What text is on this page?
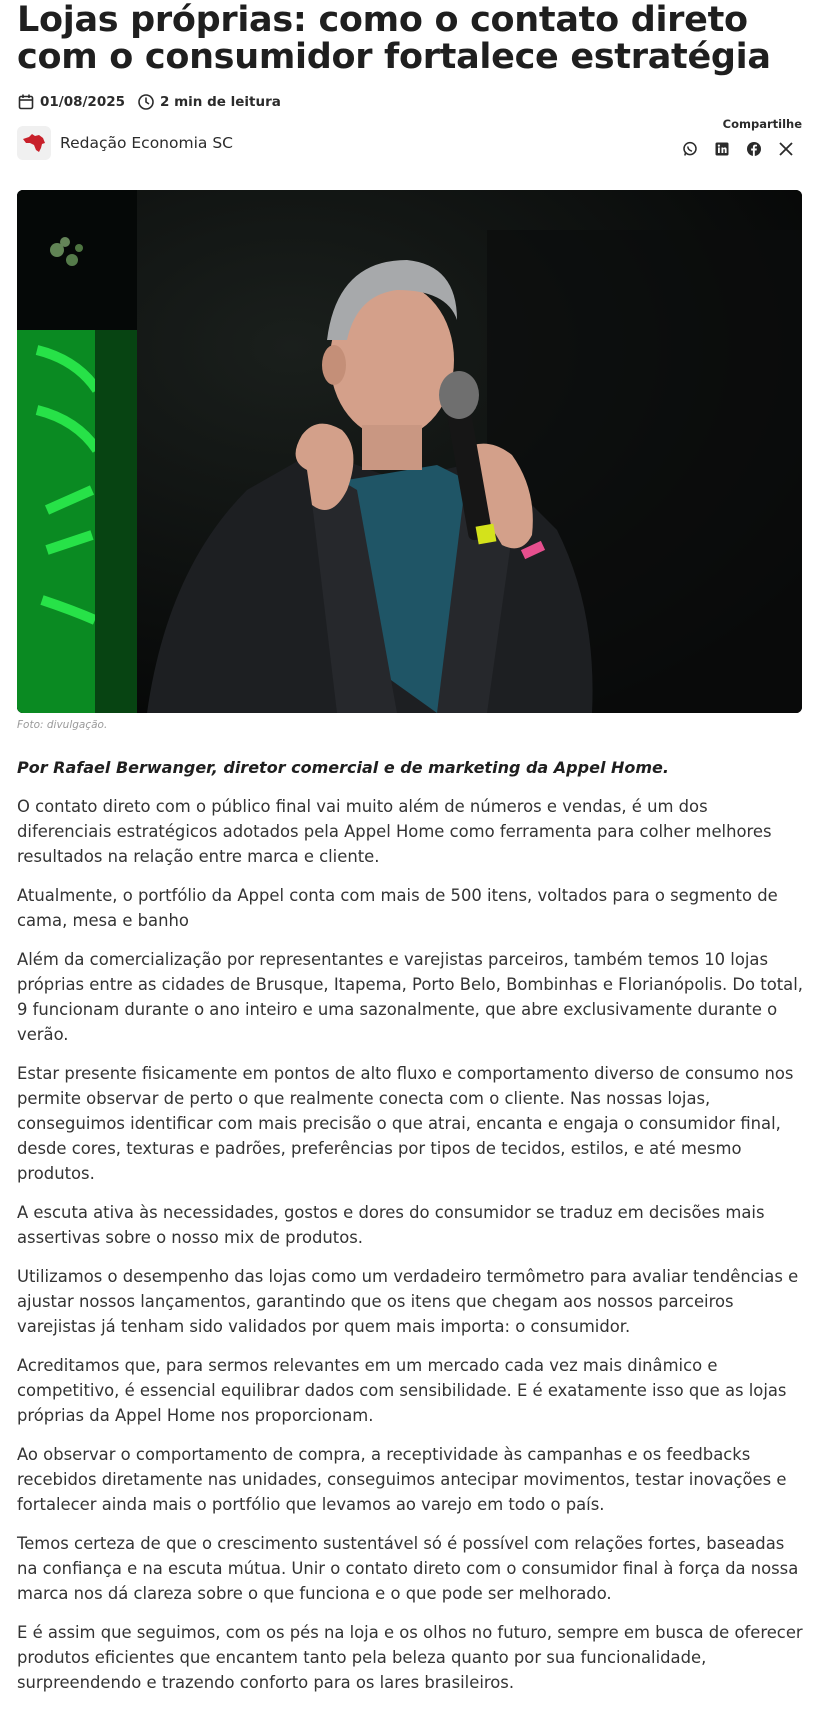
Lojas próprias: como o contato direto com o consumidor fortalece estratégia
01/08/2025	2 min de leitura
Redação Economia SC
Compartilhe
Foto: divulgação.

Por Rafael Berwanger, diretor comercial e de marketing da Appel Home.

O contato direto com o público final vai muito além de números e vendas, é um dos diferenciais estratégicos adotados pela Appel Home como ferramenta para colher melhores resultados na relação entre marca e cliente.

Atualmente, o portfólio da Appel conta com mais de 500 itens, voltados para o segmento de cama, mesa e banho

Além da comercialização por representantes e varejistas parceiros, também temos 10 lojas próprias entre as cidades de Brusque, Itapema, Porto Belo, Bombinhas e Florianópolis. Do total, 9 funcionam durante o ano inteiro e uma sazonalmente, que abre exclusivamente durante o verão.

Estar presente fisicamente em pontos de alto fluxo e comportamento diverso de consumo nos permite observar de perto o que realmente conecta com o cliente. Nas nossas lojas, conseguimos identificar com mais precisão o que atrai, encanta e engaja o consumidor final, desde cores, texturas e padrões, preferências por tipos de tecidos, estilos, e até mesmo produtos.

A escuta ativa às necessidades, gostos e dores do consumidor se traduz em decisões mais assertivas sobre o nosso mix de produtos.

Utilizamos o desempenho das lojas como um verdadeiro termômetro para avaliar tendências e ajustar nossos lançamentos, garantindo que os itens que chegam aos nossos parceiros varejistas já tenham sido validados por quem mais importa: o consumidor.

Acreditamos que, para sermos relevantes em um mercado cada vez mais dinâmico e competitivo, é essencial equilibrar dados com sensibilidade. E é exatamente isso que as lojas próprias da Appel Home nos proporcionam.

Ao observar o comportamento de compra, a receptividade às campanhas e os feedbacks recebidos diretamente nas unidades, conseguimos antecipar movimentos, testar inovações e fortalecer ainda mais o portfólio que levamos ao varejo em todo o país.

Temos certeza de que o crescimento sustentável só é possível com relações fortes, baseadas na confiança e na escuta mútua. Unir o contato direto com o consumidor final à força da nossa marca nos dá clareza sobre o que funciona e o que pode ser melhorado.

E é assim que seguimos, com os pés na loja e os olhos no futuro, sempre em busca de oferecer produtos eficientes que encantem tanto pela beleza quanto por sua funcionalidade, surpreendendo e trazendo conforto para os lares brasileiros.
